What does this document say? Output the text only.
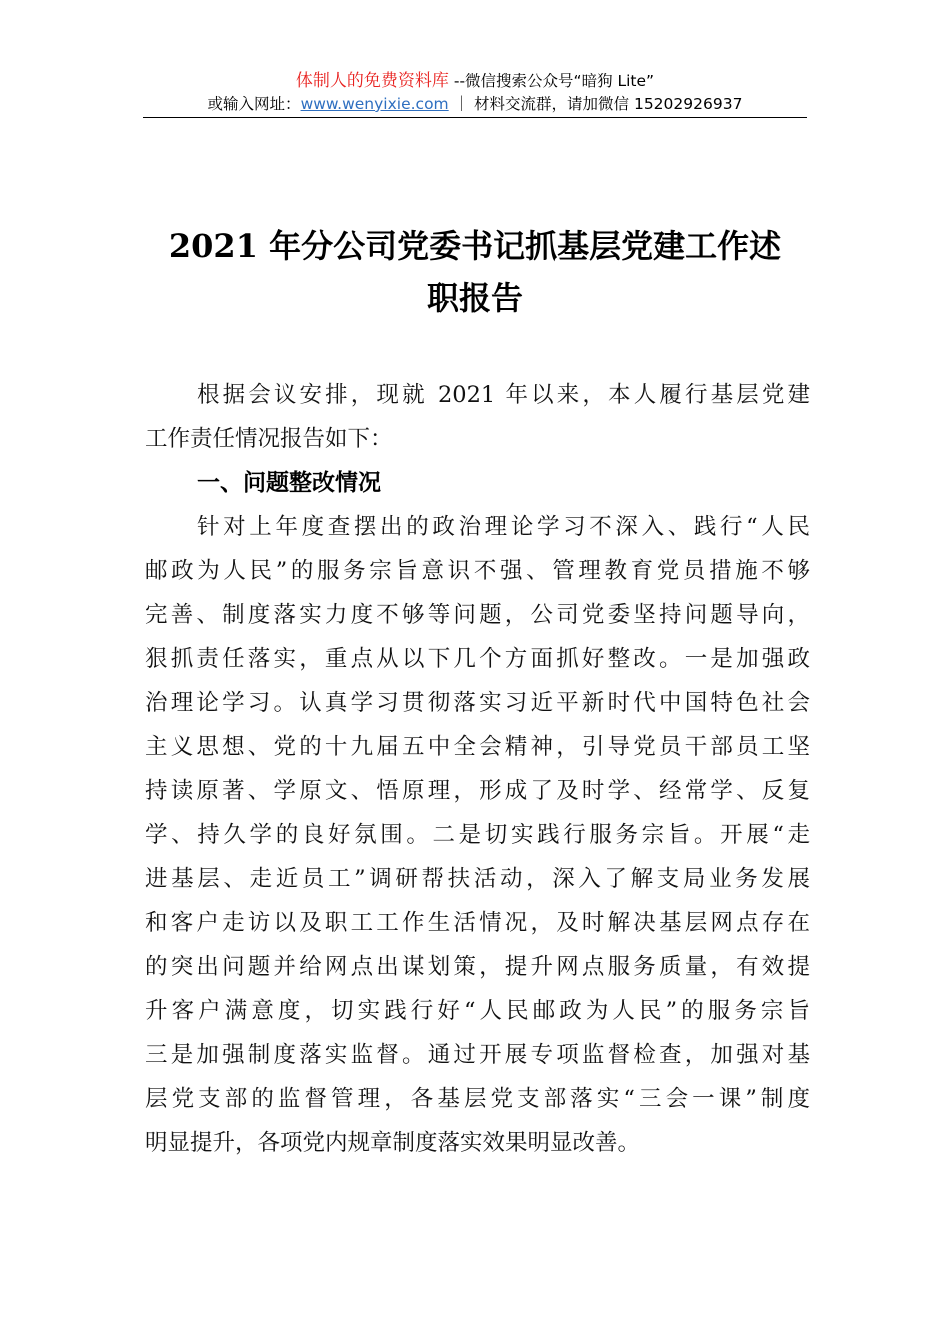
体制人的免费资料库 --微信搜索公众号“暗狗 Lite”
或输入网址：www.wenyixie.com ｜ 材料交流群，请加微信 15202926937
2021 年分公司党委书记抓基层党建工作述
职报告
根据会议安排，现就 2021 年以来，本人履行基层党建
工作责任情况报告如下：
一、问题整改情况
针对上年度查摆出的政治理论学习不深入、践行“人民
邮政为人民”的服务宗旨意识不强、管理教育党员措施不够
完善、制度落实力度不够等问题，公司党委坚持问题导向，
狠抓责任落实，重点从以下几个方面抓好整改。一是加强政
治理论学习。认真学习贯彻落实习近平新时代中国特色社会
主义思想、党的十九届五中全会精神，引导党员干部员工坚
持读原著、学原文、悟原理，形成了及时学、经常学、反复
学、持久学的良好氛围。二是切实践行服务宗旨。开展“走
进基层、走近员工”调研帮扶活动，深入了解支局业务发展
和客户走访以及职工工作生活情况，及时解决基层网点存在
的突出问题并给网点出谋划策，提升网点服务质量，有效提
升客户满意度，切实践行好“人民邮政为人民”的服务宗旨
三是加强制度落实监督。通过开展专项监督检查，加强对基
层党支部的监督管理，各基层党支部落实“三会一课”制度
明显提升，各项党内规章制度落实效果明显改善。
